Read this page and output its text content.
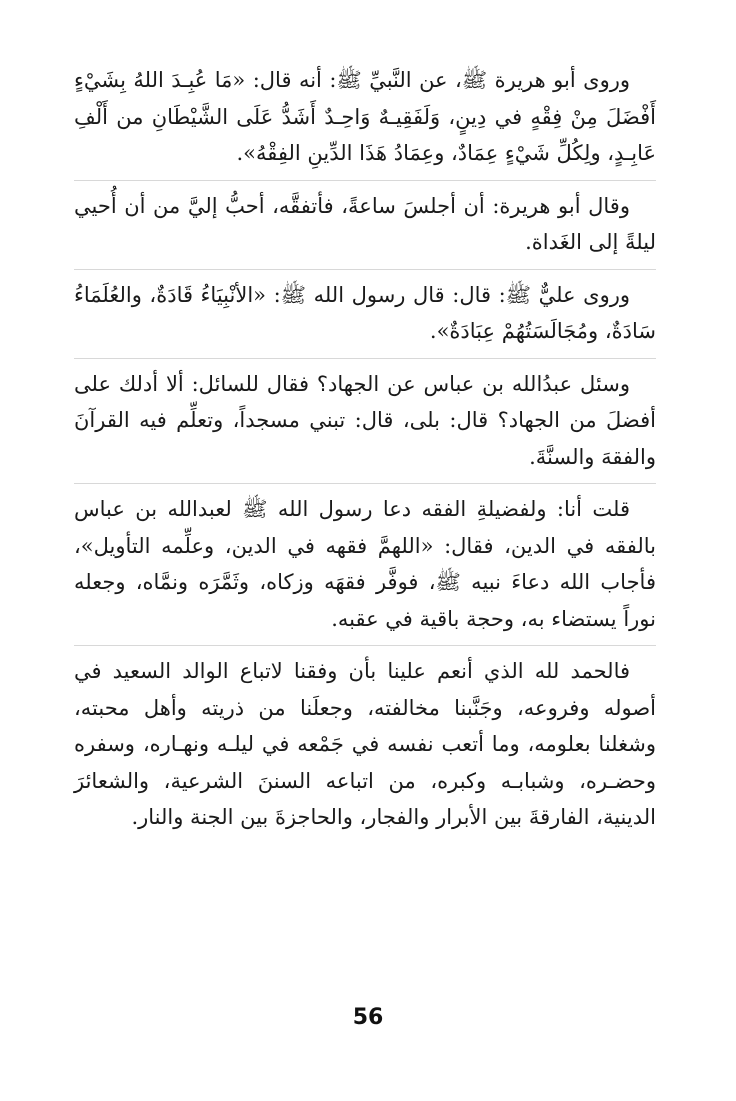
وروى أبو هريرة ﷺ، عن النَّبيِّ ﷺ: أنه قال: «مَا عُبِـدَ اللهُ بِشَيْءٍ أَفْضَلَ مِنْ فِقْهٍ في دِينٍ، وَلَفَقِيـهٌ وَاحِـدٌ أَشَدُّ عَلَى الشَّيْطَانِ من أَلْفِ عَابِـدٍ، ولِكُلِّ شَيْءٍ عِمَادٌ، وعِمَادُ هَذَا الدِّينِ الفِقْهُ».

وقال أبو هريرة: أن أجلسَ ساعةً، فأتفقَّه، أحبُّ إليَّ من أن أُحيي ليلةً إلى الغَداة.

وروى عليٌّ ﷺ: قال: قال رسول الله ﷺ: «الأنْبِيَاءُ قَادَةٌ، والعُلَمَاءُ سَادَةٌ، ومُجَالَسَتُهُمْ عِبَادَةٌ».

وسئل عبدُالله بن عباس عن الجهاد؟ فقال للسائل: ألا أدلك على أفضلَ من الجهاد؟ قال: بلى، قال: تبني مسجداً، وتعلِّم فيه القرآنَ والفقهَ والسنَّةَ.

قلت أنا: ولفضيلةِ الفقه دعا رسول الله ﷺ لعبدالله بن عباس بالفقه في الدين، فقال: «اللهمَّ فقهه في الدين، وعلِّمه التأويل»، فأجاب الله دعاءَ نبيه ﷺ، فوفَّر فقهَه وزكاه، وثَمَّرَه ونمَّاه، وجعله نوراً يستضاء به، وحجة باقية في عقبه.

فالحمد لله الذي أنعم علينا بأن وفقنا لاتباع الوالد السعيد في أصوله وفروعه، وجَنَّبنا مخالفته، وجعلَنا من ذريته وأهل محبته، وشغلنا بعلومه، وما أتعب نفسه في جَمْعه في ليلـه ونهـاره، وسفره وحضـره، وشبابـه وكبره، من اتباعه السننَ الشرعية، والشعائرَ الدينية، الفارقةَ بين الأبرار والفجار، والحاجزةَ بين الجنة والنار.

56
